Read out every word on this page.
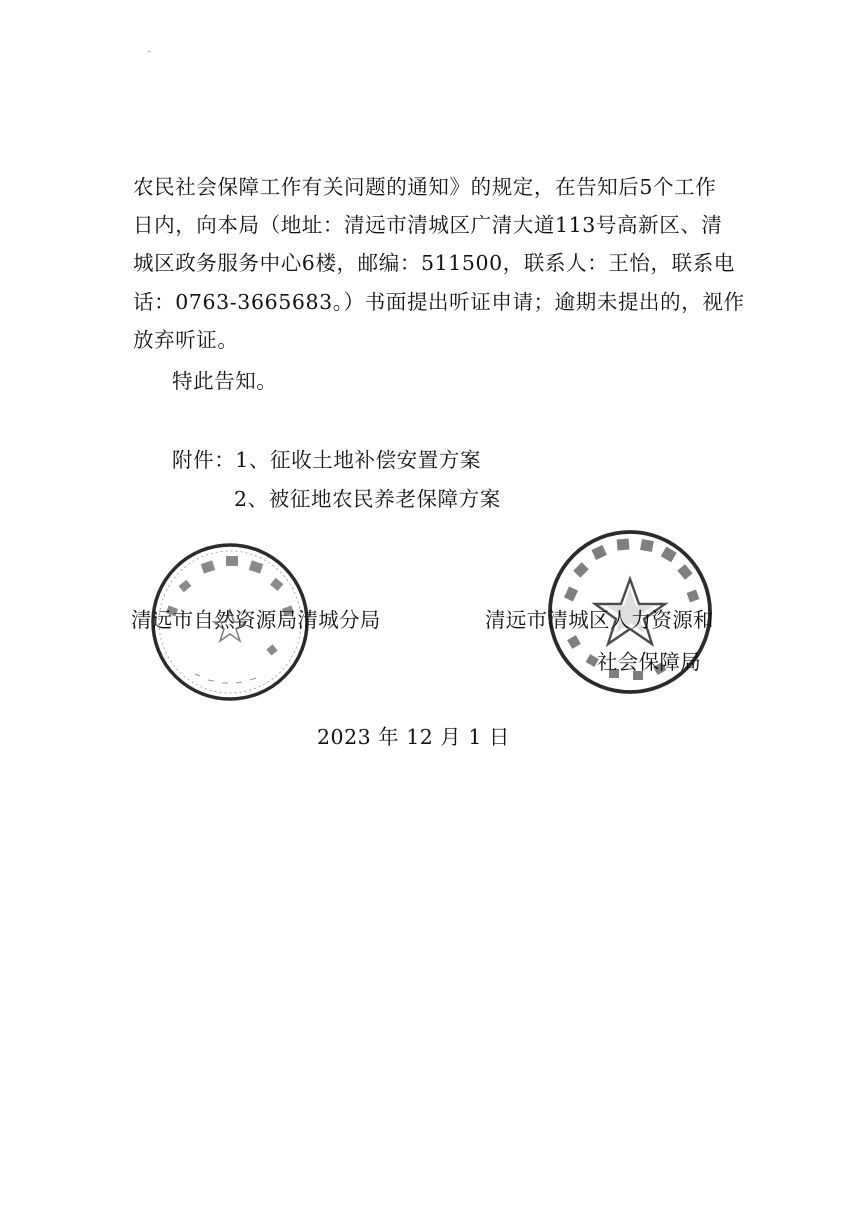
农民社会保障工作有关问题的通知》的规定，在告知后5个工作
日内，向本局（地址：清远市清城区广清大道113号高新区、清
城区政务服务中心6楼，邮编：511500，联系人：王怡，联系电
话：0763-3665683。）书面提出听证申请；逾期未提出的，视作
放弃听证。
特此告知。
附件：1、征收土地补偿安置方案
2、被征地农民养老保障方案
清远市自然资源局清城分局	清远市清城区人力资源和
社会保障局
2023 年 12 月 1 日
